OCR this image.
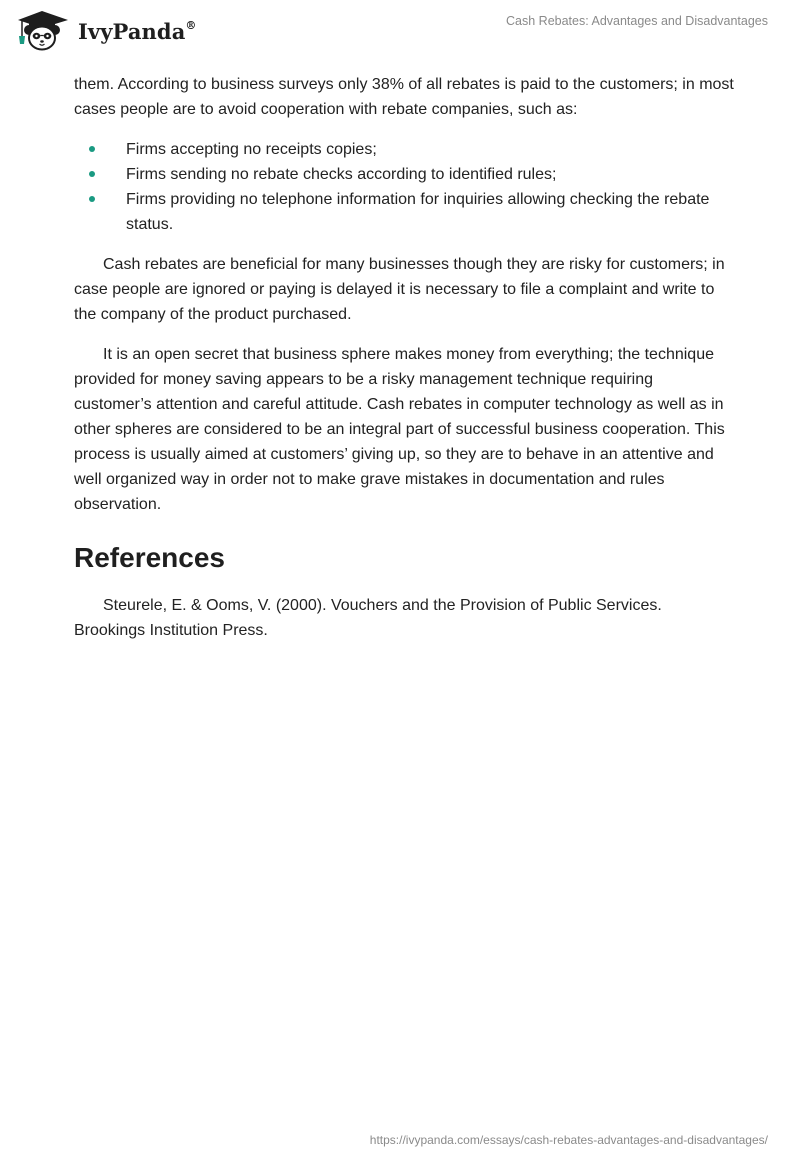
IvyPanda®	Cash Rebates: Advantages and Disadvantages

them. According to business surveys only 38% of all rebates is paid to the customers; in most cases people are to avoid cooperation with rebate companies, such as:

Firms accepting no receipts copies;
Firms sending no rebate checks according to identified rules;
Firms providing no telephone information for inquiries allowing checking the rebate status.

Cash rebates are beneficial for many businesses though they are risky for customers; in case people are ignored or paying is delayed it is necessary to file a complaint and write to the company of the product purchased.

It is an open secret that business sphere makes money from everything; the technique provided for money saving appears to be a risky management technique requiring customer’s attention and careful attitude. Cash rebates in computer technology as well as in other spheres are considered to be an integral part of successful business cooperation. This process is usually aimed at customers’ giving up, so they are to behave in an attentive and well organized way in order not to make grave mistakes in documentation and rules observation.

References

Steurele, E. & Ooms, V. (2000). Vouchers and the Provision of Public Services. Brookings Institution Press.

https://ivypanda.com/essays/cash-rebates-advantages-and-disadvantages/
